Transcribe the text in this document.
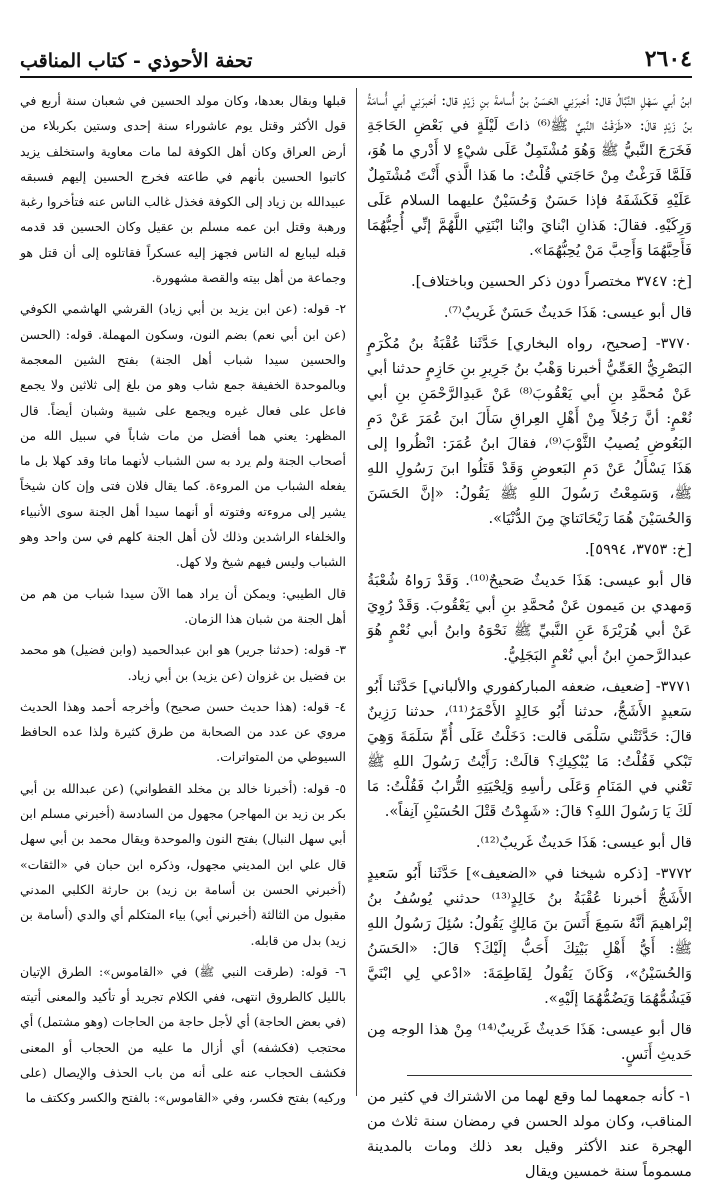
٢٦٠٤
تحفة الأحوذي - كتاب المناقب

ابنُ أبي سَهْلِ النَّبَّالُ قال: أخبرَنِي الحَسَنُ بنُ أُسامةَ بنِ زَيْدٍ قال: أخبرَنِي أبي أُسامَةُ بنُ زَيْدٍ قالَ: «طَرَقْتُ النَّبيَّ ﷺ⁽⁶⁾ ذاتَ لَيْلَةٍ في بَعْضِ الحَاجَةِ فَخَرَجَ النَّبيُّ ﷺ وَهُوَ مُشْتَمِلٌ عَلَى شيْءٍ لا أَدْري ما هُوَ، فَلَمَّا فَرَغْتُ مِنْ حَاجَتي قُلْتُ: ما هَذا الَّذي أَنْتَ مُشْتَمِلٌ عَلَيْهِ فَكَشَفَهُ فإذا حَسَنٌ وَحُسَيْنٌ عليهما السلام عَلَى وَرِكَيْهِ. فقالَ: هَذانِ ابْنايَ وابْنا ابْنَتِي اللَّهُمَّ إنِّي أُحِبُّهُمَا فَأَحِبَّهُمَا وَأَحِبَّ مَنْ يُحِبُّهُمَا».

[خ: ٣٧٤٧ مختصراً دون ذكر الحسين وباختلاف].

قال أبو عيسى: هَذَا حَديثٌ حَسَنٌ غَريبٌ⁽⁷⁾.

٣٧٧٠- [صحيح، رواه البخاري] حَدَّثَنا عُقْبَةُ بنُ مُكْرَمٍ البَصْرِيُّ العَمِّيُّ أخبرنا وَهْبُ بنُ جَرِيرِ بنِ حَازِمٍ حدثنا أبي عَنْ مُحمَّدِ بنِ أبي يَعْقُوبَ⁽⁸⁾ عَنْ عَبدِالرَّحْمَنِ بنِ أبي نُعْمٍ: أنَّ رَجُلاً مِنْ أَهْلِ العِراقِ سَأَلَ ابنَ عُمَرَ عَنْ دَمِ البَعُوضِ يُصيبُ الثَّوْبَ⁽⁹⁾، فقالَ ابنُ عُمَرَ: انْظُروا إلى هَذَا يَسْأَلُ عَنْ دَمِ البَعوضِ وَقَدْ قَتَلُوا ابنَ رَسُولِ اللهِ ﷺ، وَسَمِعْتُ رَسُولَ اللهِ ﷺ يَقُولُ: «إنَّ الحَسَنَ وَالحُسَيْنَ هُمَا رَيْحَانَتايَ مِنَ الدُّنْيَا».

[خ: ٣٧٥٣، ٥٩٩٤].

قال أبو عيسى: هَذَا حَديثٌ صَحيحٌ⁽¹⁰⁾. وَقَدْ رَواهُ شُعْبَةُ وَمهدي بن مَيمون عَنْ مُحمَّدِ بنِ أبي يَعْقُوبَ. وَقَدْ رُوِيَ عَنْ أبي هُرَيْرَةَ عَنِ النَّبيِّ ﷺ نَحْوَهُ وابنُ أبي نُعْمٍ هُوَ عبدالرَّحمنِ ابنُ أبي نُعْمٍ البَجَلِيُّ.

٣٧٧١- [ضعيف، ضعفه المباركفوري والألباني] حَدَّثَنا أَبُو سَعيدٍ الأَشَجُّ، حدثنا أَبُو خَالِدٍ الأَحْمَرُ⁽¹¹⁾، حدثنا رَزِينٌ قالَ: حَدَّثَتْني سَلْمَى قالت: دَخَلْتُ عَلَى أُمِّ سَلَمَةَ وَهِيَ تَبْكي فَقُلْتُ: مَا يُبْكِيكِ؟ قالَتْ: رَأَيْتُ رَسُولَ اللهِ ﷺ تَعْني في المَنَامِ وَعَلَى رأسِهِ وَلِحْيَتِهِ التُّرابُ فَقُلْتُ: مَا لَكَ يَا رَسُولَ اللهِ؟ قالَ: «شَهِدْتُ قَتْلَ الحُسَيْنِ آنِفاً».

قال أبو عيسى: هَذَا حَديثٌ غَريبٌ⁽¹²⁾.

٣٧٧٢- [ذكره شيخنا في «الضعيف»] حَدَّثَنا أَبُو سَعيدٍ الأَشَجُّ أخبرنا عُقْبَةُ بنُ خَالِدٍ⁽¹³⁾ حدثني يُوسُفُ بنُ إبْراهيمَ أنَّهُ سَمِعَ أَنَسَ بنَ مَالِكٍ يَقُولُ: سُئِلَ رَسُولُ اللهِ ﷺ: أَيُّ أَهْلِ بَيْتِكَ أَحَبُّ إلَيْكَ؟ قالَ: «الحَسَنُ وَالحُسَيْنُ»، وَكَانَ يَقُولُ لِفَاطِمَةَ: «ادْعي لِي ابْنَيَّ فَيَشُمُّهُمَا وَيَضُمُّهُمَا إلَيْهِ».

قال أبو عيسى: هَذَا حَديثٌ غَريبٌ⁽¹⁴⁾ مِنْ هذا الوجه مِن حَديثِ أَنَسٍ.

١- كأنه جمعهما لما وقع لهما من الاشتراك في كثير من المناقب، وكان مولد الحسن في رمضان سنة ثلاث من الهجرة عند الأكثر وقيل بعد ذلك ومات بالمدينة مسموماً سنة خمسين ويقال

قبلها وبقال بعدها، وكان مولد الحسين في شعبان سنة أربع في قول الأكثر وقتل يوم عاشوراء سنة إحدى وستين بكربلاء من أرض العراق وكان أهل الكوفة لما مات معاوية واستخلف يزيد كاتبوا الحسين بأنهم في طاعته فخرج الحسين إليهم فسبقه عبيدالله بن زياد إلى الكوفة فخذل غالب الناس عنه فتأخروا رغبة ورهبة وقتل ابن عمه مسلم بن عقيل وكان الحسين قد قدمه قبله ليبايع له الناس فجهز إليه عسكراً فقاتلوه إلى أن قتل هو وجماعة من أهل بيته والقصة مشهورة.

٢- قوله: (عن ابن يزيد بن أبي زياد) القرشي الهاشمي الكوفي (عن ابن أبي نعم) بضم النون، وسكون المهملة. قوله: (الحسن والحسين سيدا شباب أهل الجنة) بفتح الشين المعجمة وبالموحدة الخفيفة جمع شاب وهو من بلغ إلى ثلاثين ولا يجمع فاعل على فعال غيره ويجمع على شبية وشبان أيضاً. قال المظهر: يعني هما أفضل من مات شاباً في سبيل الله من أصحاب الجنة ولم يرد به سن الشباب لأنهما ماتا وقد كهلا بل ما يفعله الشباب من المروءة. كما يقال فلان فتى وإن كان شيخاً يشير إلى مروءته وفتوته أو أنهما سيدا أهل الجنة سوى الأنبياء والخلفاء الراشدين وذلك لأن أهل الجنة كلهم في سن واحد وهو الشباب وليس فيهم شيخ ولا كهل.

قال الطيبي: ويمكن أن يراد هما الآن سيدا شباب من هم من أهل الجنة من شبان هذا الزمان.

٣- قوله: (حدثنا جرير) هو ابن عبدالحميد (وابن فضيل) هو محمد بن فضيل بن غزوان (عن يزيد) بن أبي زياد.

٤- قوله: (هذا حديث حسن صحيح) وأخرجه أحمد وهذا الحديث مروي عن عدد من الصحابة من طرق كثيرة ولذا عده الحافظ السيوطي من المتواترات.

٥- قوله: (أخبرنا خالد بن مخلد القطواني) (عن عبدالله بن أبي بكر بن زيد بن المهاجر) مجهول من السادسة (أخبرني مسلم ابن أبي سهل النبال) بفتح النون والموحدة ويقال محمد بن أبي سهل قال علي ابن المديني مجهول، وذكره ابن حبان في «الثقات» (أخبرني الحسن بن أسامة بن زيد) بن حارثة الكلبي المدني مقبول من الثالثة (أخبرني أبي) بياء المتكلم أي والدي (أسامة بن زيد) بدل من قابله.

٦- قوله: (طرقت النبي ﷺ) في «القاموس»: الطرق الإتيان بالليل كالطروق انتهى، ففي الكلام تجريد أو تأكيد والمعنى أتيته (في بعض الحاجة) أي لأجل حاجة من الحاجات (وهو مشتمل) أي محتجب (فكشفه) أي أزال ما عليه من الحجاب أو المعنى فكشف الحجاب عنه على أنه من باب الحذف والإيصال (على وركيه) بفتح فكسر، وفي «القاموس»: بالفتح والكسر وككتف ما
